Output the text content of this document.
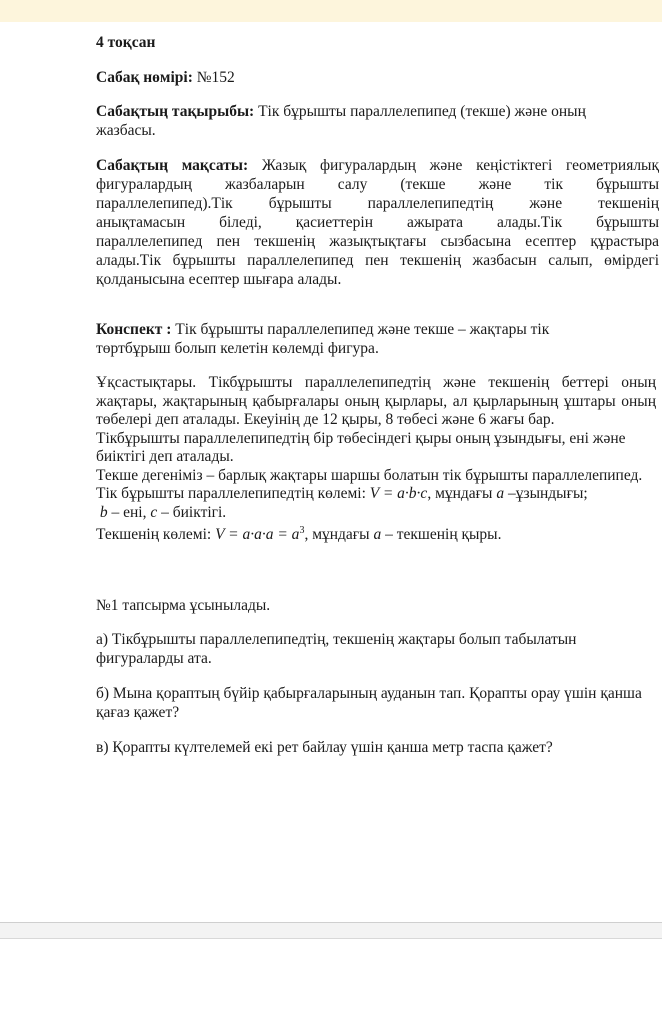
4 тоқсан

Сабақ нөмірі: №152

Сабақтың тақырыбы: Тік бұрышты параллелепипед (текше) және оның жазбасы.

Сабақтың мақсаты: Жазық фигуралардың және кеңістіктегі геометриялық

фигуралардың жазбаларын салу (текше және тік бұрышты

параллелепипед).Тік бұрышты параллелепипедтің және текшенің

анықтамасын біледі, қасиеттерін ажырата алады.Тік бұрышты

параллелепипед пен текшенің жазықтықтағы сызбасына есептер құрастыра

алады.Тік бұрышты параллелепипед пен текшенің жазбасын салып, өмірдегі

қолданысына есептер шығара алады.

Конспект : Тік бұрышты параллелепипед және текше – жақтары тік төртбұрыш болып келетін көлемді фигура.

Ұқсастықтары. Тікбұрышты параллелепипедтің және текшенің беттері оның жақтары, жақтарының қабырғалары оның қырлары, ал қырларының ұштары оның төбелері деп аталады. Екеуінің де 12 қыры, 8 төбесі және 6 жағы бар.

Тікбұрышты параллелепипедтің бір төбесіндегі қыры оның ұзындығы, ені және биіктігі деп аталады.

Текше дегеніміз – барлық жақтары шаршы болатын тік бұрышты параллелепипед.

Тік бұрышты параллелепипедтің көлемі: V = a·b·c, мұндағы a –ұзындығы;
b – ені, c – биіктігі.

Текшенің көлемі: $V = a\cdot a\cdot a = a^3$, мұндағы a – текшенің қыры.

№1 тапсырма ұсынылады.

а) Тікбұрышты параллелепипедтің, текшенің жақтары болып табылатын фигураларды ата.

б) Мына қораптың бүйір қабырғаларының ауданын тап. Қорапты орау үшін қанша қағаз қажет?

в) Қорапты күлтелемей екі рет байлау үшін қанша метр таспа қажет?
